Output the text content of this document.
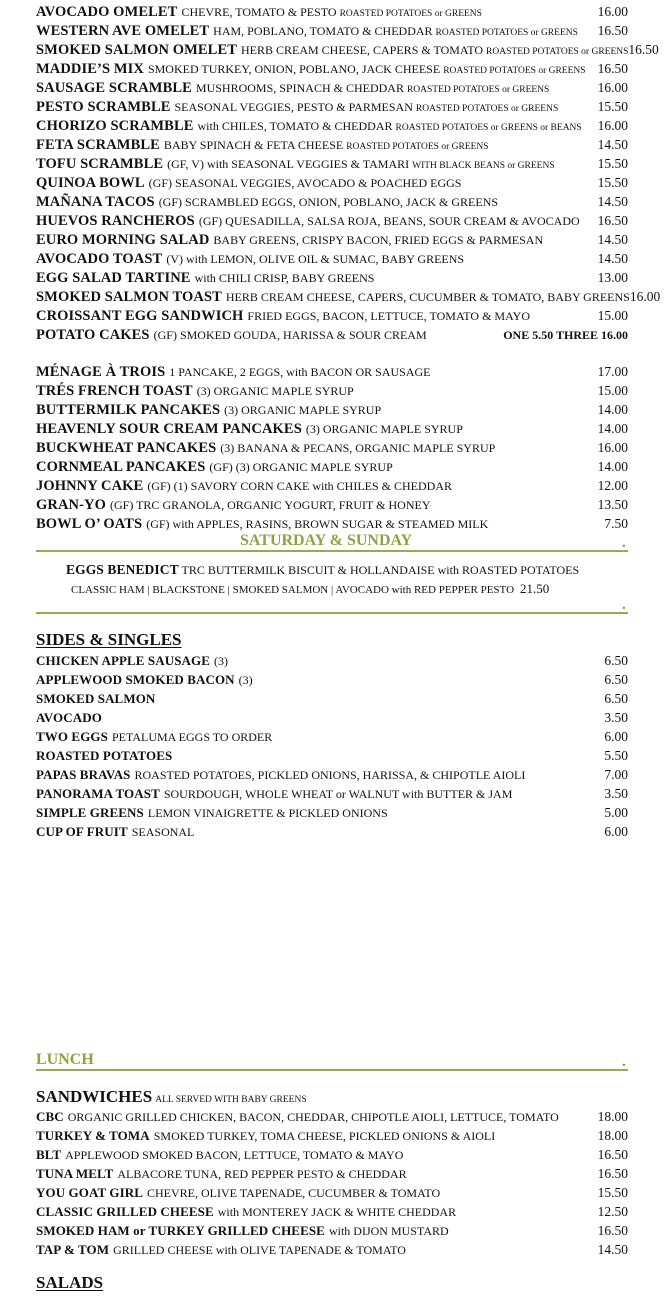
AVOCADO OMELET CHEVRE, TOMATO & PESTO ROASTED POTATOES or GREENS	16.00
WESTERN AVE OMELET HAM, POBLANO, TOMATO & CHEDDAR ROASTED POTATOES or GREENS 16.50
SMOKED SALMON OMELET HERB CREAM CHEESE, CAPERS & TOMATO ROASTED POTATOES or GREENS 16.50
MADDIE’S MIX SMOKED TURKEY, ONION, POBLANO, JACK CHEESE ROASTED POTATOES or GREENS 16.50
SAUSAGE SCRAMBLE MUSHROOMS, SPINACH & CHEDDAR ROASTED POTATOES or GREENS	16.00
PESTO SCRAMBLE SEASONAL VEGGIES, PESTO & PARMESAN ROASTED POTATOES or GREENS	15.50
CHORIZO SCRAMBLE with CHILES, TOMATO & CHEDDAR ROASTED POTATOES or GREENS or BEANS 16.00
FETA SCRAMBLE BABY SPINACH & FETA CHEESE ROASTED POTATOES or GREENS	14.50
TOFU SCRAMBLE (GF, V) with SEASONAL VEGGIES & TAMARI WITH BLACK BEANS or GREENS	15.50
QUINOA BOWL (GF) SEASONAL VEGGIES, AVOCADO & POACHED EGGS	15.50
MAÑANA TACOS (GF) SCRAMBLED EGGS, ONION, POBLANO, JACK & GREENS	14.50
HUEVOS RANCHEROS (GF) QUESADILLA, SALSA ROJA, BEANS, SOUR CREAM & AVOCADO 16.50
EURO MORNING SALAD BABY GREENS, CRISPY BACON, FRIED EGGS & PARMESAN	14.50
AVOCADO TOAST (V) with LEMON, OLIVE OIL & SUMAC, BABY GREENS	14.50
EGG SALAD TARTINE with CHILI CRISP, BABY GREENS	13.00
SMOKED SALMON TOAST HERB CREAM CHEESE, CAPERS, CUCUMBER & TOMATO, BABY GREENS 16.00
CROISSANT EGG SANDWICH FRIED EGGS, BACON, LETTUCE, TOMATO & MAYO	15.00
POTATO CAKES (GF) SMOKED GOUDA, HARISSA & SOUR CREAM	ONE 5.50 THREE 16.00
MÉNAGE À TROIS 1 PANCAKE, 2 EGGS, with BACON OR SAUSAGE	17.00
TRÉS FRENCH TOAST (3) ORGANIC MAPLE SYRUP	15.00
BUTTERMILK PANCAKES (3) ORGANIC MAPLE SYRUP	14.00
HEAVENLY SOUR CREAM PANCAKES (3) ORGANIC MAPLE SYRUP	14.00
BUCKWHEAT PANCAKES (3) BANANA & PECANS, ORGANIC MAPLE SYRUP	16.00
CORNMEAL PANCAKES (GF) (3) ORGANIC MAPLE SYRUP	14.00
JOHNNY CAKE (GF) (1) SAVORY CORN CAKE with CHILES & CHEDDAR	12.00
GRAN-YO (GF) TRC GRANOLA, ORGANIC YOGURT, FRUIT & HONEY	13.50
BOWL O’ OATS (GF) with APPLES, RASINS, BROWN SUGAR & STEAMED MILK	7.50
SATURDAY & SUNDAY	.
EGGS BENEDICT TRC BUTTERMILK BISCUIT & HOLLANDAISE with ROASTED POTATOES
CLASSIC HAM | BLACKSTONE | SMOKED SALMON | AVOCADO with RED PEPPER PESTO 21.50
.
SIDES & SINGLES
CHICKEN APPLE SAUSAGE (3)	6.50
APPLEWOOD SMOKED BACON (3)	6.50
SMOKED SALMON	6.50
AVOCADO	3.50
TWO EGGS PETALUMA EGGS TO ORDER	6.00
ROASTED POTATOES	5.50
PAPAS BRAVAS ROASTED POTATOES, PICKLED ONIONS, HARISSA, & CHIPOTLE AIOLI	7.00
PANORAMA TOAST SOURDOUGH, WHOLE WHEAT or WALNUT with BUTTER & JAM	3.50
SIMPLE GREENS LEMON VINAIGRETTE & PICKLED ONIONS	5.00
CUP OF FRUIT SEASONAL	6.00
LUNCH	.
SANDWICHES ALL SERVED WITH BABY GREENS
CBC ORGANIC GRILLED CHICKEN, BACON, CHEDDAR, CHIPOTLE AIOLI, LETTUCE, TOMATO	18.00
TURKEY & TOMA SMOKED TURKEY, TOMA CHEESE, PICKLED ONIONS & AIOLI	18.00
BLT APPLEWOOD SMOKED BACON, LETTUCE, TOMATO & MAYO	16.50
TUNA MELT ALBACORE TUNA, RED PEPPER PESTO & CHEDDAR	16.50
YOU GOAT GIRL CHEVRE, OLIVE TAPENADE, CUCUMBER & TOMATO	15.50
CLASSIC GRILLED CHEESE with MONTEREY JACK & WHITE CHEDDAR	12.50
SMOKED HAM or TURKEY GRILLED CHEESE with DIJON MUSTARD	16.50
TAP & TOM GRILLED CHEESE with OLIVE TAPENADE & TOMATO	14.50
SALADS
